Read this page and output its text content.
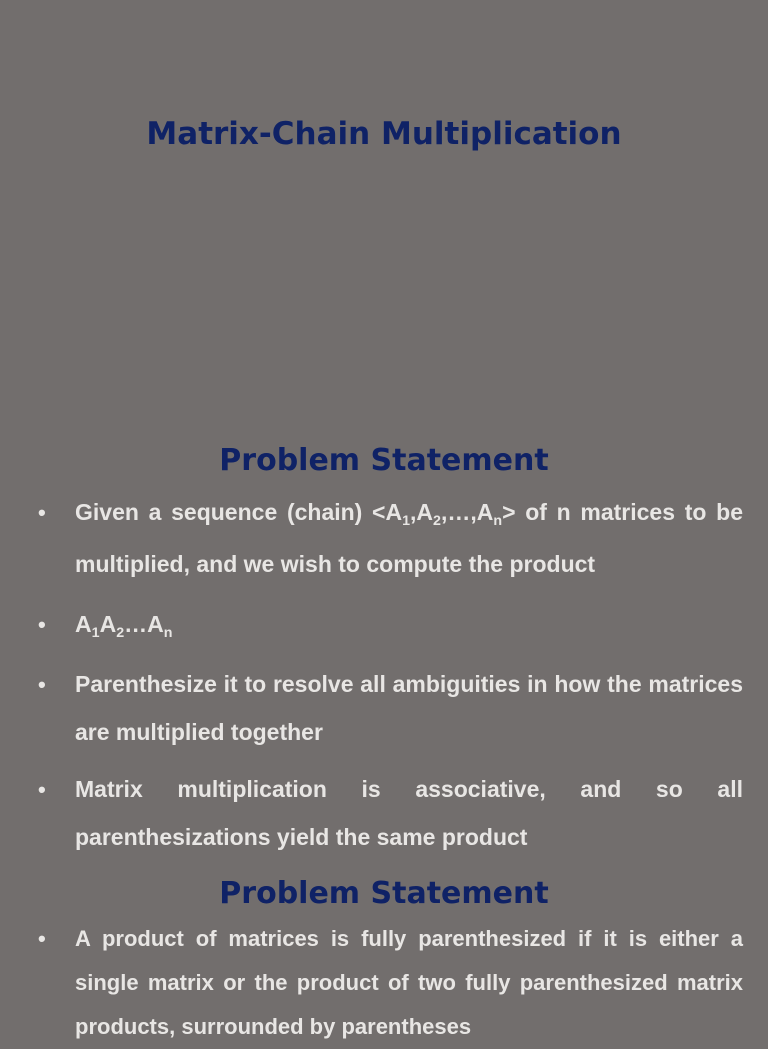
Matrix-Chain Multiplication
Problem Statement
• Given a sequence (chain) $<A_1,A_2,\dots,A_n>$ of n matrices to be multiplied, and we wish to compute the product
• $A_1A_2\dots A_n$
• Parenthesize it to resolve all ambiguities in how the matrices are multiplied together
• Matrix multiplication is associative, and so all parenthesizations yield the same product
Problem Statement
• A product of matrices is fully parenthesized if it is either a single matrix or the product of two fully parenthesized matrix products, surrounded by parentheses
